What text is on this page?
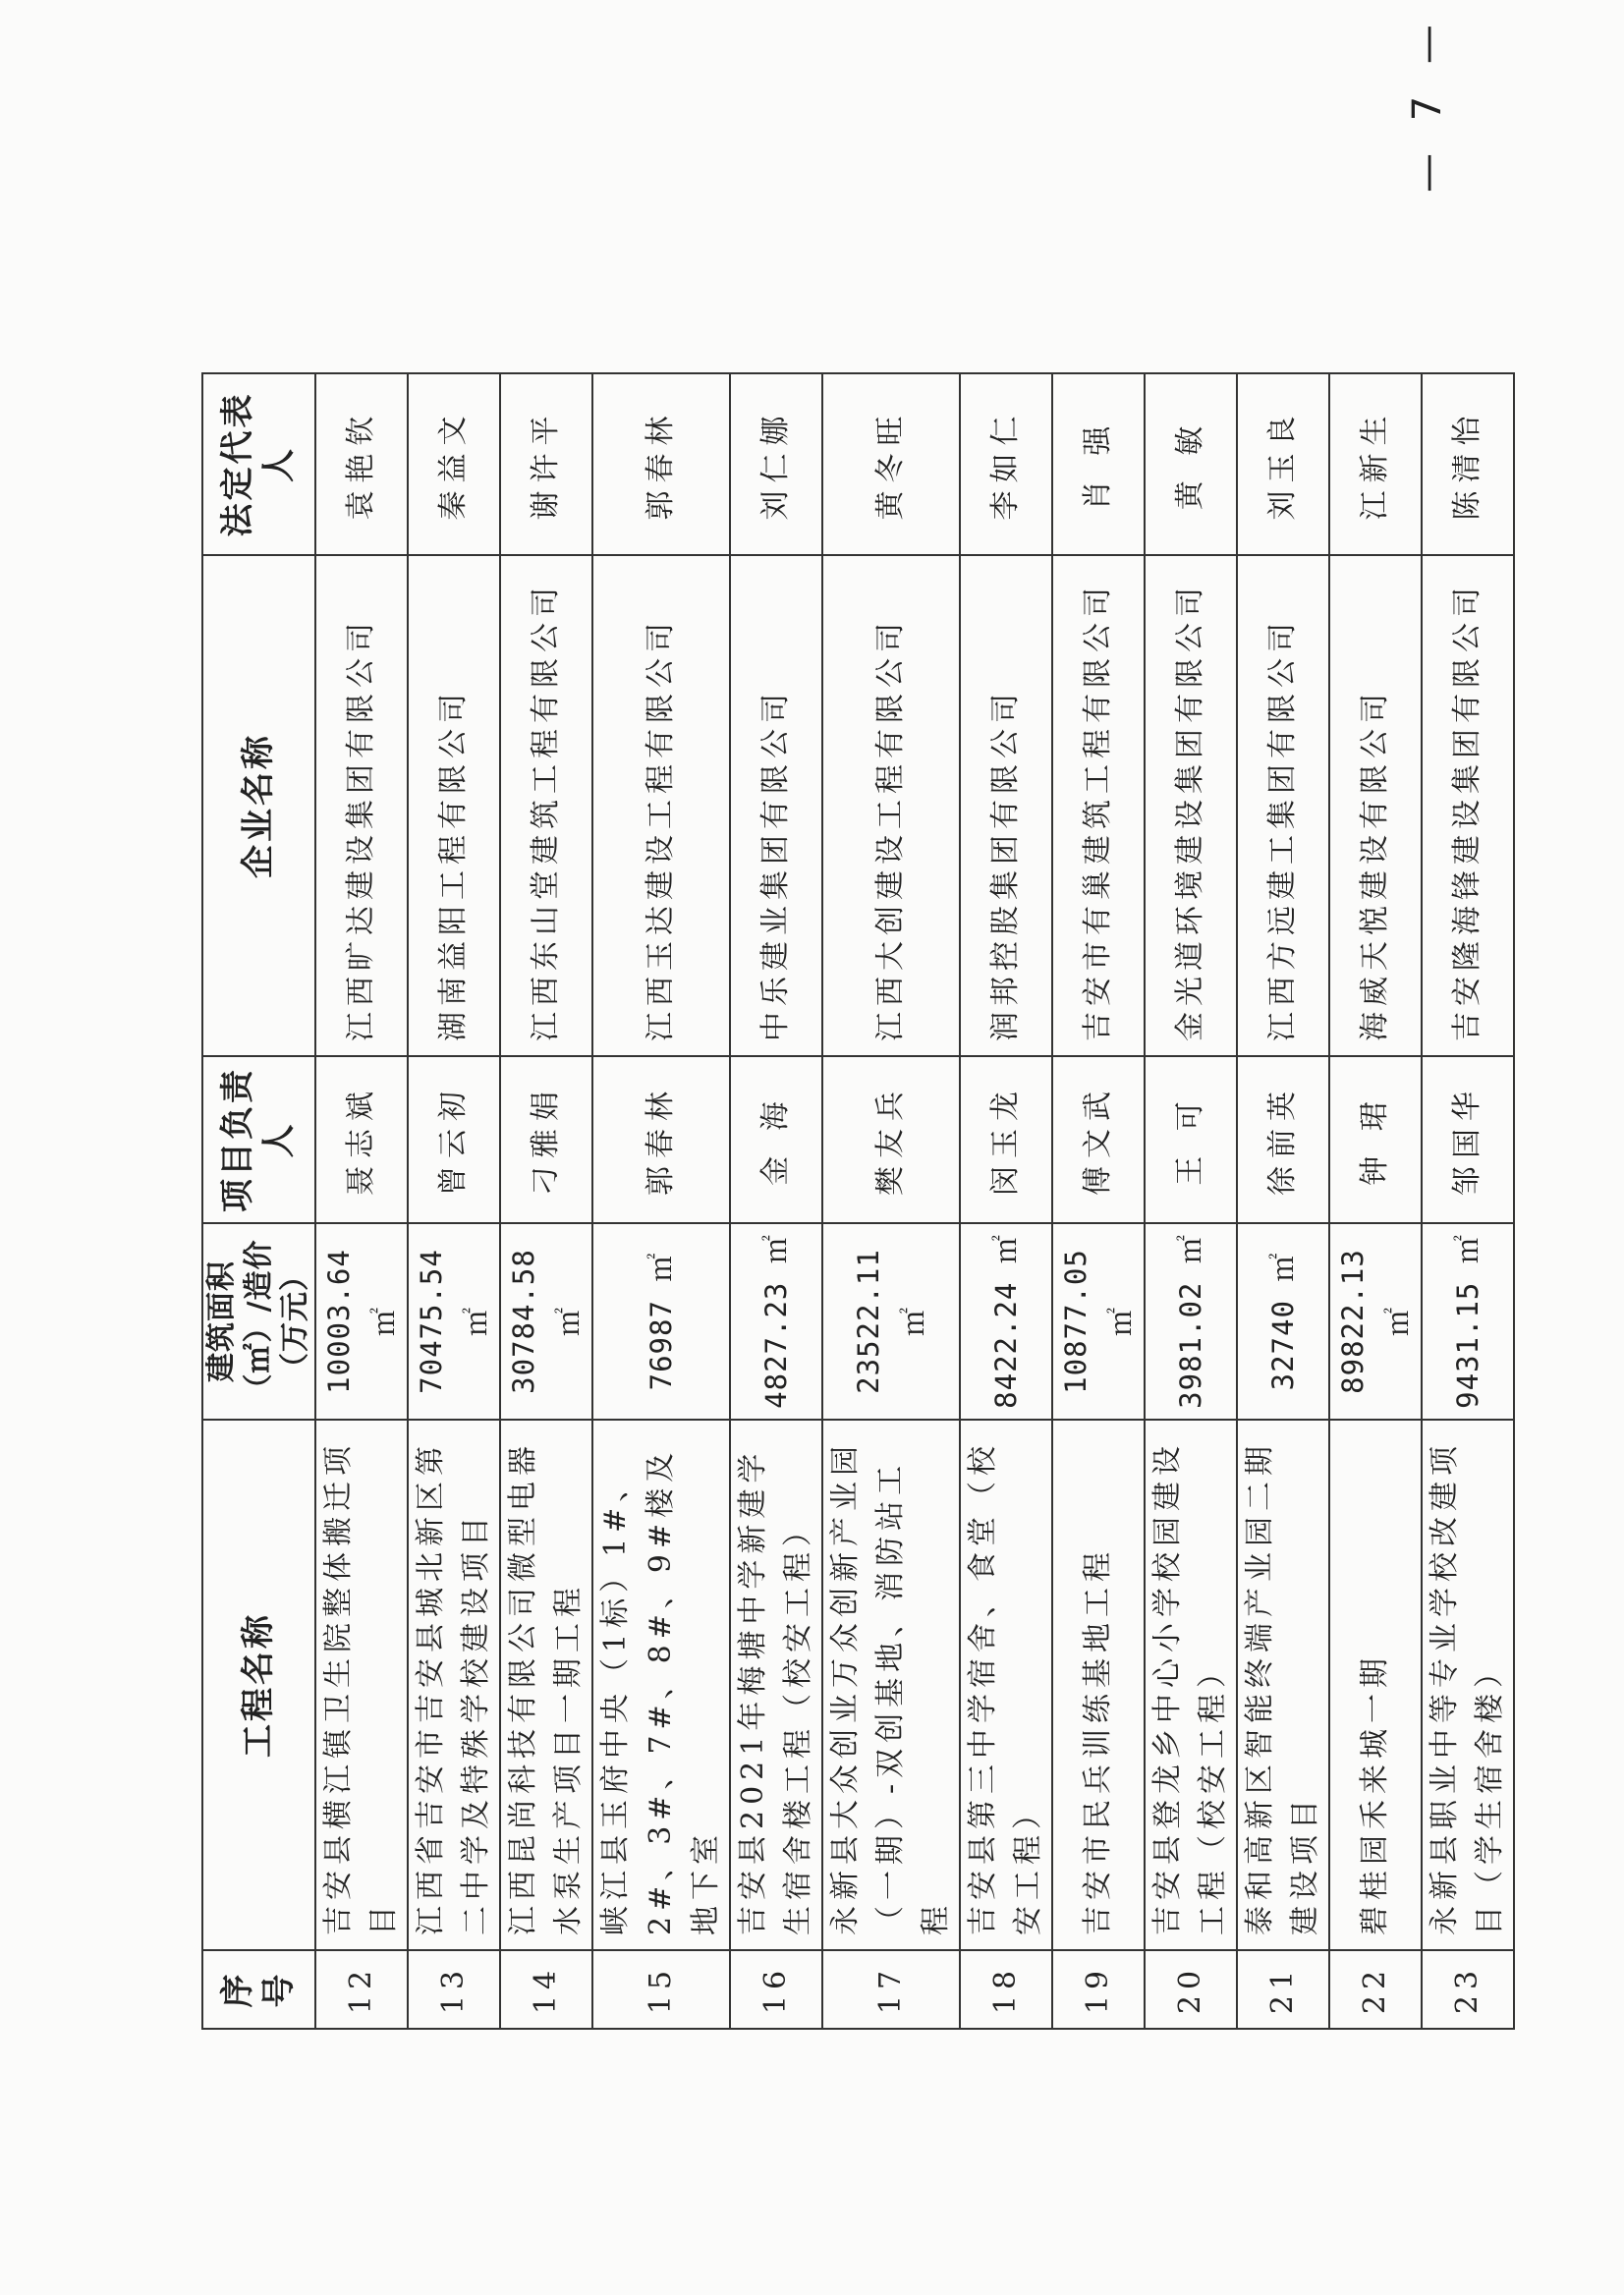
序号	工程名称	建筑面积（㎡）/造价（万元）	项目负责人	企业名称	法定代表人
12	吉安县横江镇卫生院整体搬迁项目	10003.64 ㎡	聂志斌	江西旷达建设集团有限公司	袁艳钦
13	江西省吉安市吉安县城北新区第二中学及特殊学校建设项目	70475.54 ㎡	曾云初	湖南益阳工程有限公司	秦益文
14	江西昆尚科技有限公司微型电器水泵生产项目一期工程	30784.58 ㎡	刁雅娟	江西东山堂建筑工程有限公司	谢许平
15	峡江县玉府中央（1标）1#、2#、3#、7#、8#、9#楼及地下室	76987 ㎡	郭春林	江西玉达建设工程有限公司	郭春林
16	吉安县2021年梅塘中学新建学生宿舍楼工程（校安工程）	4827.23 ㎡	金 海	中乐建业集团有限公司	刘仁娜
17	永新县大众创业万众创新产业园（一期）-双创基地、消防站工程	23522.11 ㎡	樊友兵	江西大创建设工程有限公司	黄冬旺
18	吉安县第三中学宿舍、食堂（校安工程）	8422.24 ㎡	闵玉龙	润邦控股集团有限公司	李如仁
19	吉安市民兵训练基地工程	10877.05 ㎡	傅文武	吉安市有巢建筑工程有限公司	肖 强
20	吉安县登龙乡中心小学校园建设工程（校安工程）	3981.02 ㎡	王 可	金光道环境建设集团有限公司	黄 敏
21	泰和高新区智能终端产业园二期建设项目	32740 ㎡	徐前英	江西方远建工集团有限公司	刘玉良
22	碧桂园禾来城一期	89822.13 ㎡	钟 珺	海威天悦建设有限公司	江新生
23	永新县职业中等专业学校改建项目（学生宿舍楼）	9431.15 ㎡	邹国华	吉安隆海锋建设集团有限公司	陈清怡
— 7 —
